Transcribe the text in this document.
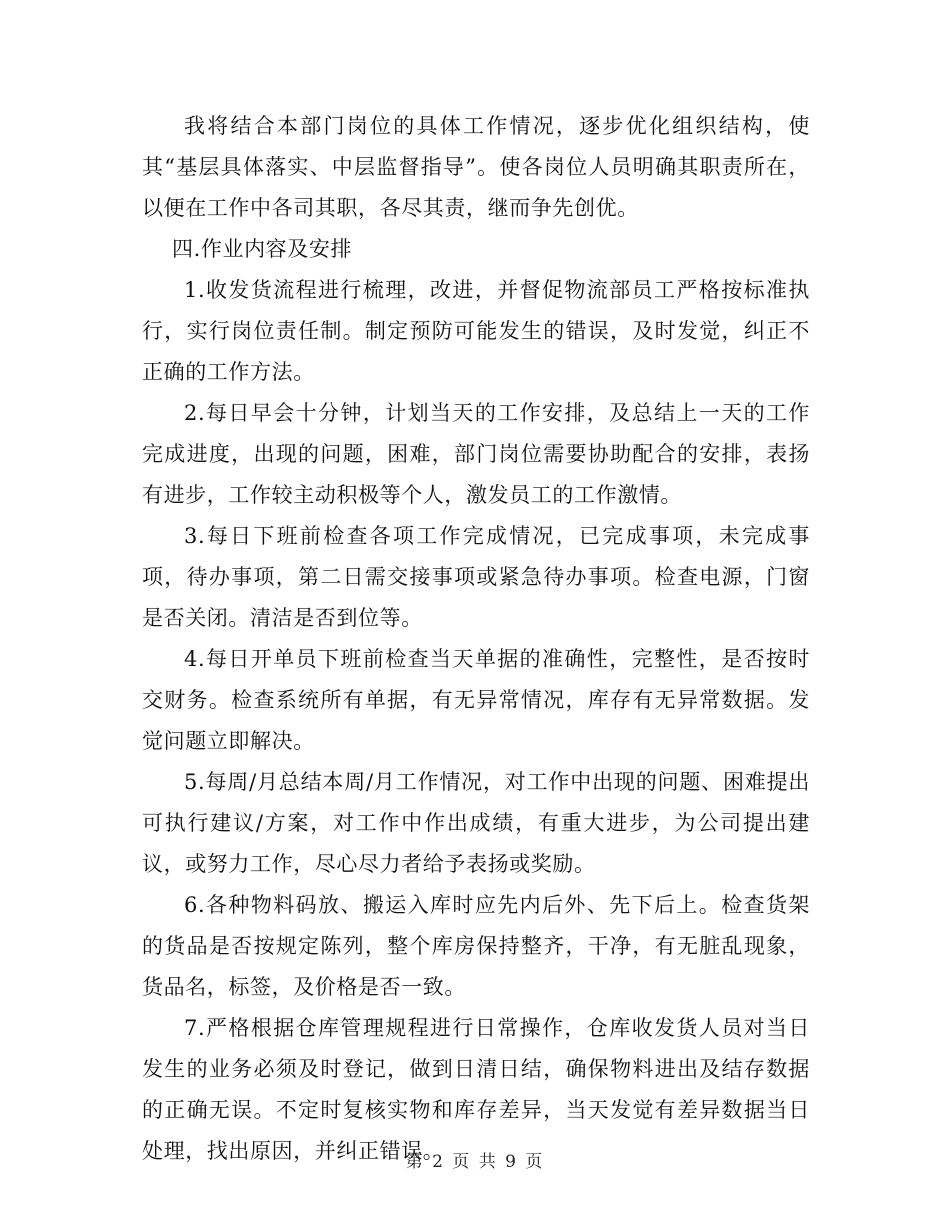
我将结合本部门岗位的具体工作情况，逐步优化组织结构，使其“基层具体落实、中层监督指导”。使各岗位人员明确其职责所在，以便在工作中各司其职，各尽其责，继而争先创优。

四.作业内容及安排

1.收发货流程进行梳理，改进，并督促物流部员工严格按标准执行，实行岗位责任制。制定预防可能发生的错误，及时发觉，纠正不正确的工作方法。

2.每日早会十分钟，计划当天的工作安排，及总结上一天的工作完成进度，出现的问题，困难，部门岗位需要协助配合的安排，表扬有进步，工作较主动积极等个人，激发员工的工作激情。

3.每日下班前检查各项工作完成情况，已完成事项，未完成事项，待办事项，第二日需交接事项或紧急待办事项。检查电源，门窗是否关闭。清洁是否到位等。

4.每日开单员下班前检查当天单据的准确性，完整性，是否按时交财务。检查系统所有单据，有无异常情况，库存有无异常数据。发觉问题立即解决。

5.每周/月总结本周/月工作情况，对工作中出现的问题、困难提出可执行建议/方案，对工作中作出成绩，有重大进步，为公司提出建议，或努力工作，尽心尽力者给予表扬或奖励。

6.各种物料码放、搬运入库时应先内后外、先下后上。检查货架的货品是否按规定陈列，整个库房保持整齐，干净，有无脏乱现象，货品名，标签，及价格是否一致。

7.严格根据仓库管理规程进行日常操作，仓库收发货人员对当日发生的业务必须及时登记，做到日清日结，确保物料进出及结存数据的正确无误。不定时复核实物和库存差异，当天发觉有差异数据当日处理，找出原因，并纠正错误。

第 2 页 共 9 页
